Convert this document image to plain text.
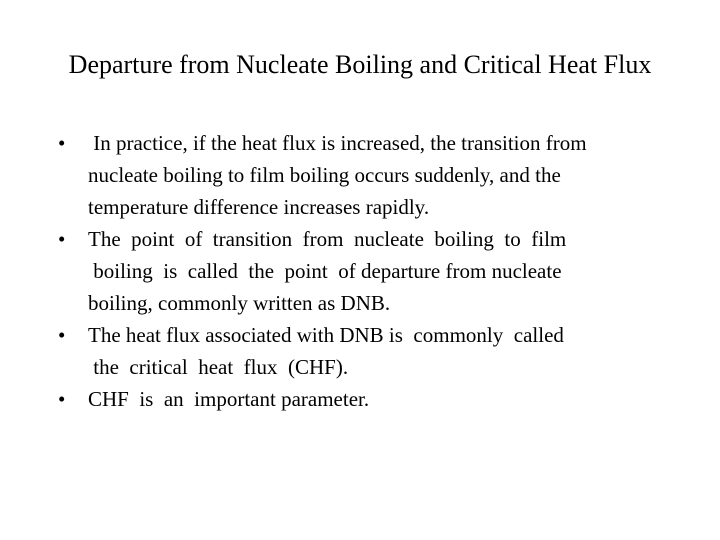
Departure from Nucleate Boiling and Critical Heat Flux
•	In practice, if the heat flux is increased, the transition from
nucleate boiling to film boiling occurs suddenly, and the
temperature difference increases rapidly.
•	The  point  of  transition  from  nucleate  boiling  to  film
boiling  is  called  the  point  of departure from nucleate
boiling, commonly written as DNB.
•	The heat flux associated with DNB is  commonly  called
the  critical  heat  flux  (CHF).
•	CHF  is  an  important parameter.
